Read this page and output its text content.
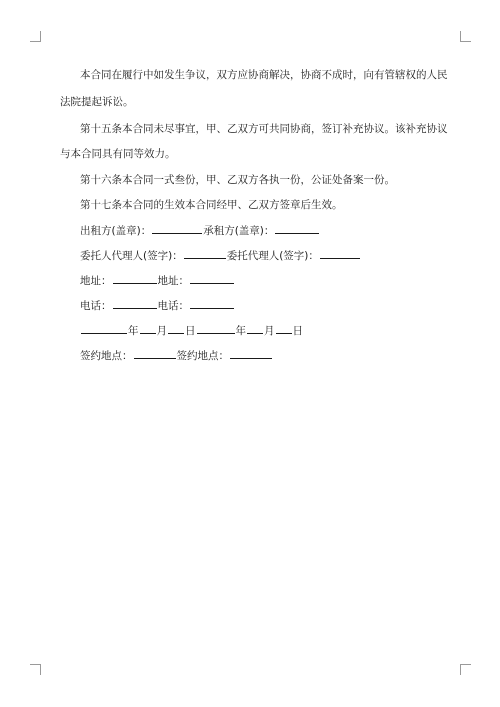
本合同在履行中如发生争议，双方应协商解决，协商不成时，向有管辖权的人民
法院提起诉讼。
第十五条本合同未尽事宜，甲、乙双方可共同协商，签订补充协议。该补充协议
与本合同具有同等效力。
第十六条本合同一式叁份，甲、乙双方各执一份，公证处备案一份。
第十七条本合同的生效本合同经甲、乙双方签章后生效。
出租方(盖章)：	承租方(盖章)：
委托人代理人(签字)：	委托代理人(签字)：
地址：	地址：
电话：	电话：
年 月 日	年 月 日
签约地点：	签约地点：
